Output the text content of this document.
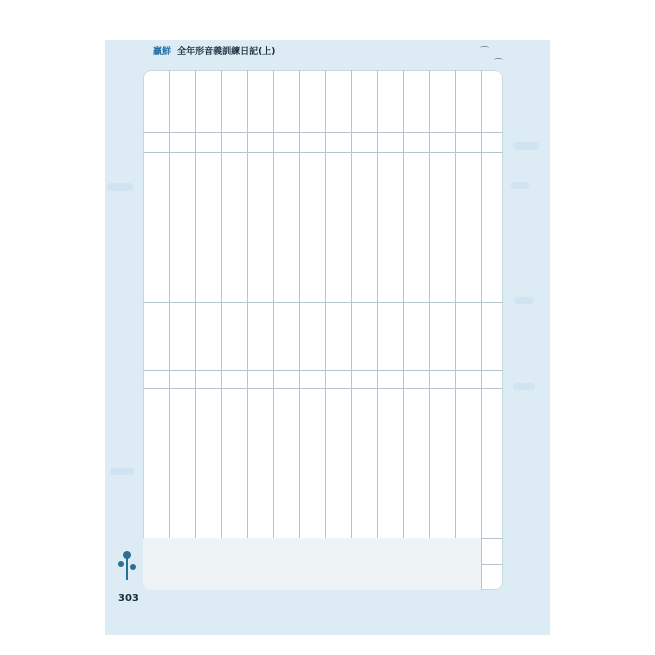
⌒
⌒
贏鮮 全年形音義訓練日記(上)
303
